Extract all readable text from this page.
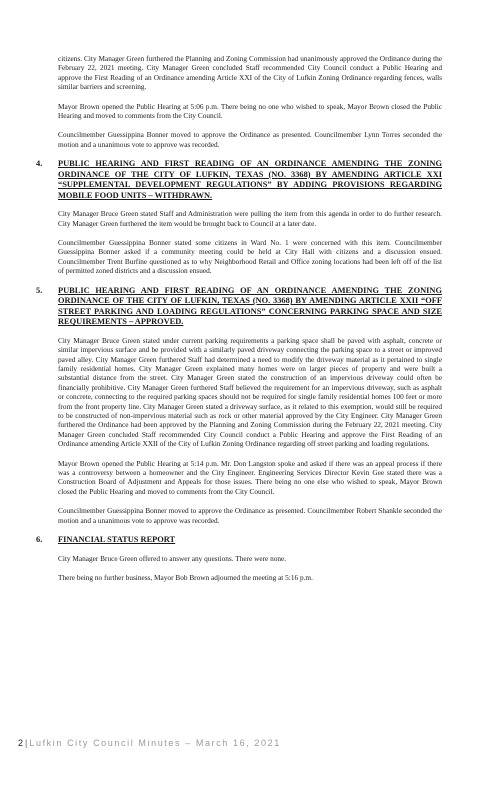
citizens. City Manager Green furthered the Planning and Zoning Commission had unanimously approved the Ordinance during the February 22, 2021 meeting. City Manager Green concluded Staff recommended City Council conduct a Public Hearing and approve the First Reading of an Ordinance amending Article XXI of the City of Lufkin Zoning Ordinance regarding fences, walls similar barriers and screening.

Mayor Brown opened the Public Hearing at 5:06 p.m. There being no one who wished to speak, Mayor Brown closed the Public Hearing and moved to comments from the City Council.

Councilmember Guessippina Bonner moved to approve the Ordinance as presented. Councilmember Lynn Torres seconded the motion and a unanimous vote to approve was recorded.

4.	PUBLIC HEARING AND FIRST READING OF AN ORDINANCE AMENDING THE ZONING ORDINANCE OF THE CITY OF LUFKIN, TEXAS (NO. 3368) BY AMENDING ARTICLE XXI “SUPPLEMENTAL DEVELOPMENT REGULATIONS” BY ADDING PROVISIONS REGARDING MOBILE FOOD UNITS – WITHDRAWN.

City Manager Bruce Green stated Staff and Administration were pulling the item from this agenda in order to do further research. City Manager Green furthered the item would be brought back to Council at a later date.

Councilmember Guessippina Bonner stated some citizens in Ward No. 1 were concerned with this item. Councilmember Guessippina Bonner asked if a community meeting could be held at City Hall with citizens and a discussion ensued. Councilmember Trent Burfine questioned as to why Neighborhood Retail and Office zoning locations had been left off of the list of permitted zoned districts and a discussion ensued.

5.	PUBLIC HEARING AND FIRST READING OF AN ORDINANCE AMENDING THE ZONING ORDINANCE OF THE CITY OF LUFKIN, TEXAS (NO. 3368) BY AMENDING ARTICLE XXII “OFF STREET PARKING AND LOADING REGULATIONS” CONCERNING PARKING SPACE AND SIZE REQUIREMENTS – APPROVED.

City Manager Bruce Green stated under current parking requirements a parking space shall be paved with asphalt, concrete or similar impervious surface and be provided with a similarly paved driveway connecting the parking space to a street or improved paved alley. City Manager Green furthered Staff had determined a need to modify the driveway material as it pertained to single family residential homes. City Manager Green explained many homes were on larger pieces of property and were built a substantial distance from the street. City Manager Green stated the construction of an impervious driveway could often be financially prohibitive. City Manager Green furthered Staff believed the requirement for an impervious driveway, such as asphalt or concrete, connecting to the required parking spaces should not be required for single family residential homes 100 feet or more from the front property line. City Manager Green stated a driveway surface, as it related to this exemption, would still be required to be constructed of non-impervious material such as rock or other material approved by the City Engineer. City Manager Green furthered the Ordinance had been approved by the Planning and Zoning Commission during the February 22, 2021 meeting. City Manager Green concluded Staff recommended City Council conduct a Public Hearing and approve the First Reading of an Ordinance amending Article XXII of the City of Lufkin Zoning Ordinance regarding off street parking and loading regulations.

Mayor Brown opened the Public Hearing at 5:14 p.m. Mr. Don Langston spoke and asked if there was an appeal process if there was a controversy between a homeowner and the City Engineer. Engineering Services Director Kevin Gee stated there was a Construction Board of Adjustment and Appeals for those issues. There being no one else who wished to speak, Mayor Brown closed the Public Hearing and moved to comments from the City Council.

Councilmember Guessippina Bonner moved to approve the Ordinance as presented. Councilmember Robert Shankle seconded the motion and a unanimous vote to approve was recorded.

6.	FINANCIAL STATUS REPORT

City Manager Bruce Green offered to answer any questions. There were none.

There being no further business, Mayor Bob Brown adjourned the meeting at 5:16 p.m.

2 | Lufkin City Council Minutes – March 16, 2021
